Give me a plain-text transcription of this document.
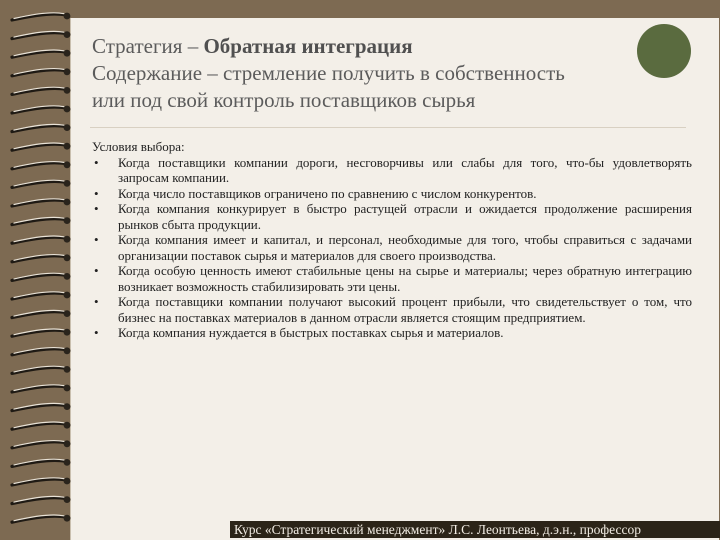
Стратегия – Обратная интеграция
Содержание – стремление получить в собственность
или под свой контроль поставщиков сырья

Условия выбора:

• Когда поставщики компании дороги, несговорчивы или слабы для того, что-бы удовлетворять запросам компании.
• Когда число поставщиков ограничено по сравнению с числом конкурентов.
• Когда компания конкурирует в быстро растущей отрасли и ожидается продолжение расширения рынков сбыта продукции.
• Когда компания имеет и капитал, и персонал, необходимые для того, чтобы справиться с задачами организации поставок сырья и материалов для своего производства.
• Когда особую ценность имеют стабильные цены на сырье и материалы; через обратную интеграцию возникает возможность стабилизировать эти цены.
• Когда поставщики компании получают высокий процент прибыли, что свидетельствует о том, что бизнес на поставках материалов в данном отрасли является стоящим предприятием.
• Когда компания нуждается в быстрых поставках сырья и материалов.
Курс «Стратегический менеджмент» Л.С. Леонтьева, д.э.н., профессор
